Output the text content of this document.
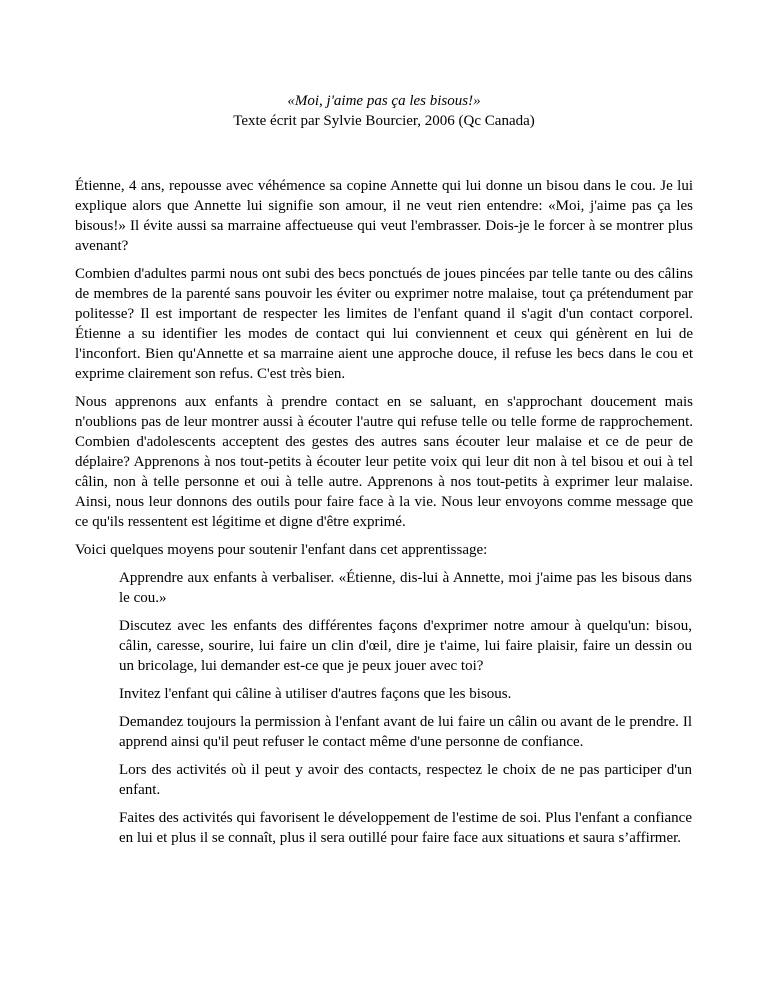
«Moi, j'aime pas ça les bisous!»

Texte écrit par Sylvie Bourcier, 2006 (Qc Canada)

Étienne, 4 ans, repousse avec véhémence sa copine Annette qui lui donne un bisou dans le cou. Je lui explique alors que Annette lui signifie son amour, il ne veut rien entendre: «Moi, j'aime pas ça les bisous!» Il évite aussi sa marraine affectueuse qui veut l'embrasser. Dois-je le forcer à se montrer plus avenant?

Combien d'adultes parmi nous ont subi des becs ponctués de joues pincées par telle tante ou des câlins de membres de la parenté sans pouvoir les éviter ou exprimer notre malaise, tout ça prétendument par politesse? Il est important de respecter les limites de l'enfant quand il s'agit d'un contact corporel. Étienne a su identifier les modes de contact qui lui conviennent et ceux qui génèrent en lui de l'inconfort. Bien qu'Annette et sa marraine aient une approche douce, il refuse les becs dans le cou et exprime clairement son refus. C'est très bien.

Nous apprenons aux enfants à prendre contact en se saluant, en s'approchant doucement mais n'oublions pas de leur montrer aussi à écouter l'autre qui refuse telle ou telle forme de rapprochement. Combien d'adolescents acceptent des gestes des autres sans écouter leur malaise et ce de peur de déplaire? Apprenons à nos tout-petits à écouter leur petite voix qui leur dit non à tel bisou et oui à tel câlin, non à telle personne et oui à telle autre. Apprenons à nos tout-petits à exprimer leur malaise. Ainsi, nous leur donnons des outils pour faire face à la vie. Nous leur envoyons comme message que ce qu'ils ressentent est légitime et digne d'être exprimé.

Voici quelques moyens pour soutenir l'enfant dans cet apprentissage:

Apprendre aux enfants à verbaliser. «Étienne, dis-lui à Annette, moi j'aime pas les bisous dans le cou.»
Discutez avec les enfants des différentes façons d'exprimer notre amour à quelqu'un: bisou, câlin, caresse, sourire, lui faire un clin d'œil, dire je t'aime, lui faire plaisir, faire un dessin ou un bricolage, lui demander est-ce que je peux jouer avec toi?
Invitez l'enfant qui câline à utiliser d'autres façons que les bisous.
Demandez toujours la permission à l'enfant avant de lui faire un câlin ou avant de le prendre. Il apprend ainsi qu'il peut refuser le contact même d'une personne de confiance.
Lors des activités où il peut y avoir des contacts, respectez le choix de ne pas participer d'un enfant.
Faites des activités qui favorisent le développement de l'estime de soi. Plus l'enfant a confiance en lui et plus il se connaît, plus il sera outillé pour faire face aux situations et saura s’affirmer.
